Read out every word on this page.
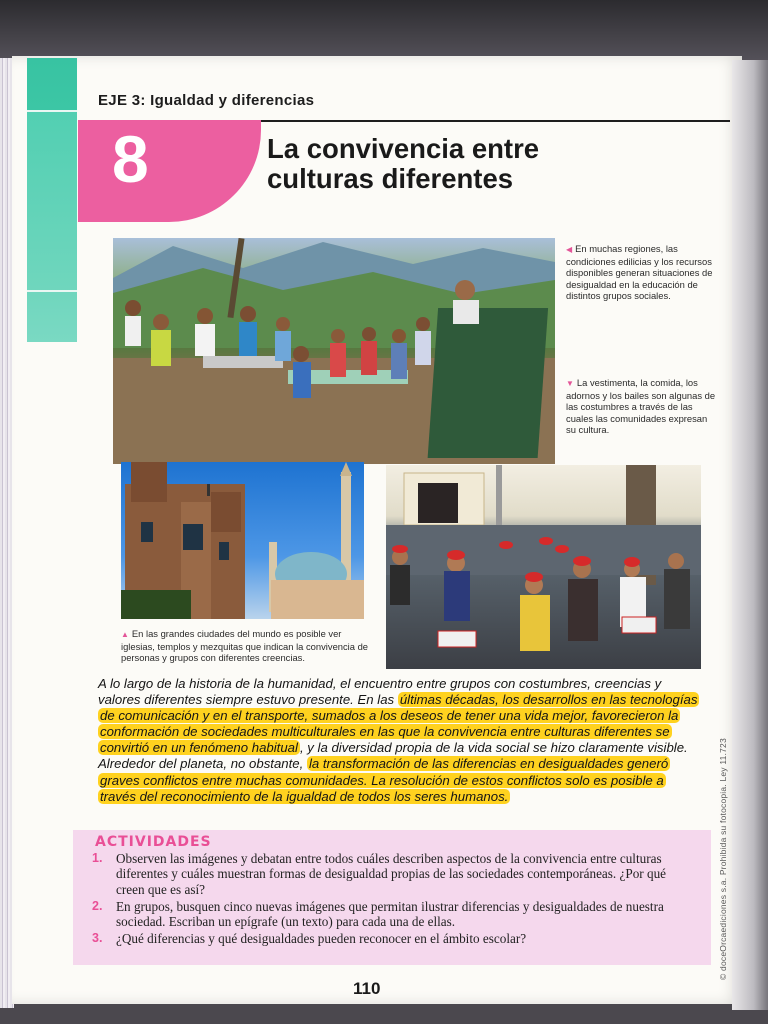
EJE 3: Igualdad y diferencias
8	La convivencia entre
culturas diferentes
◀ En muchas regiones, las condiciones edilicias y los recursos disponibles generan situaciones de desigualdad en la educación de distintos grupos sociales.
▼ La vestimenta, la comida, los adornos y los bailes son algunas de las costumbres a través de las cuales las comunidades expresan su cultura.
▲ En las grandes ciudades del mundo es posible ver iglesias, templos y mezquitas que indican la convivencia de personas y grupos con diferentes creencias.
A lo largo de la historia de la humanidad, el encuentro entre grupos con costumbres, creencias y valores diferentes siempre estuvo presente. En las últimas décadas, los desarrollos en las tecnologías de comunicación y en el transporte, sumados a los deseos de tener una vida mejor, favorecieron la conformación de sociedades multiculturales en las que la convivencia entre culturas diferentes se convirtió en un fenómeno habitual , y la diversidad propia de la vida social se hizo claramente visible. Alrededor del planeta, no obstante, la transformación de las diferencias en desigualdades generó graves conflictos entre muchas comunidades. La resolución de estos conflictos solo es posible a través del reconocimiento de la igualdad de todos los seres humanos.
ACTIVIDADES
1. Observen las imágenes y debatan entre todos cuáles describen aspectos de la convivencia entre culturas diferentes y cuáles muestran formas de desigualdad propias de las sociedades contemporáneas. ¿Por qué creen que es así?
2. En grupos, busquen cinco nuevas imágenes que permitan ilustrar diferencias y desigualdades de nuestra sociedad. Escriban un epígrafe (un texto) para cada una de ellas.
3. ¿Qué diferencias y qué desigualdades pueden reconocer en el ámbito escolar?
110
© doceOrcaediciones s.a. Prohibida su fotocopia. Ley 11.723
